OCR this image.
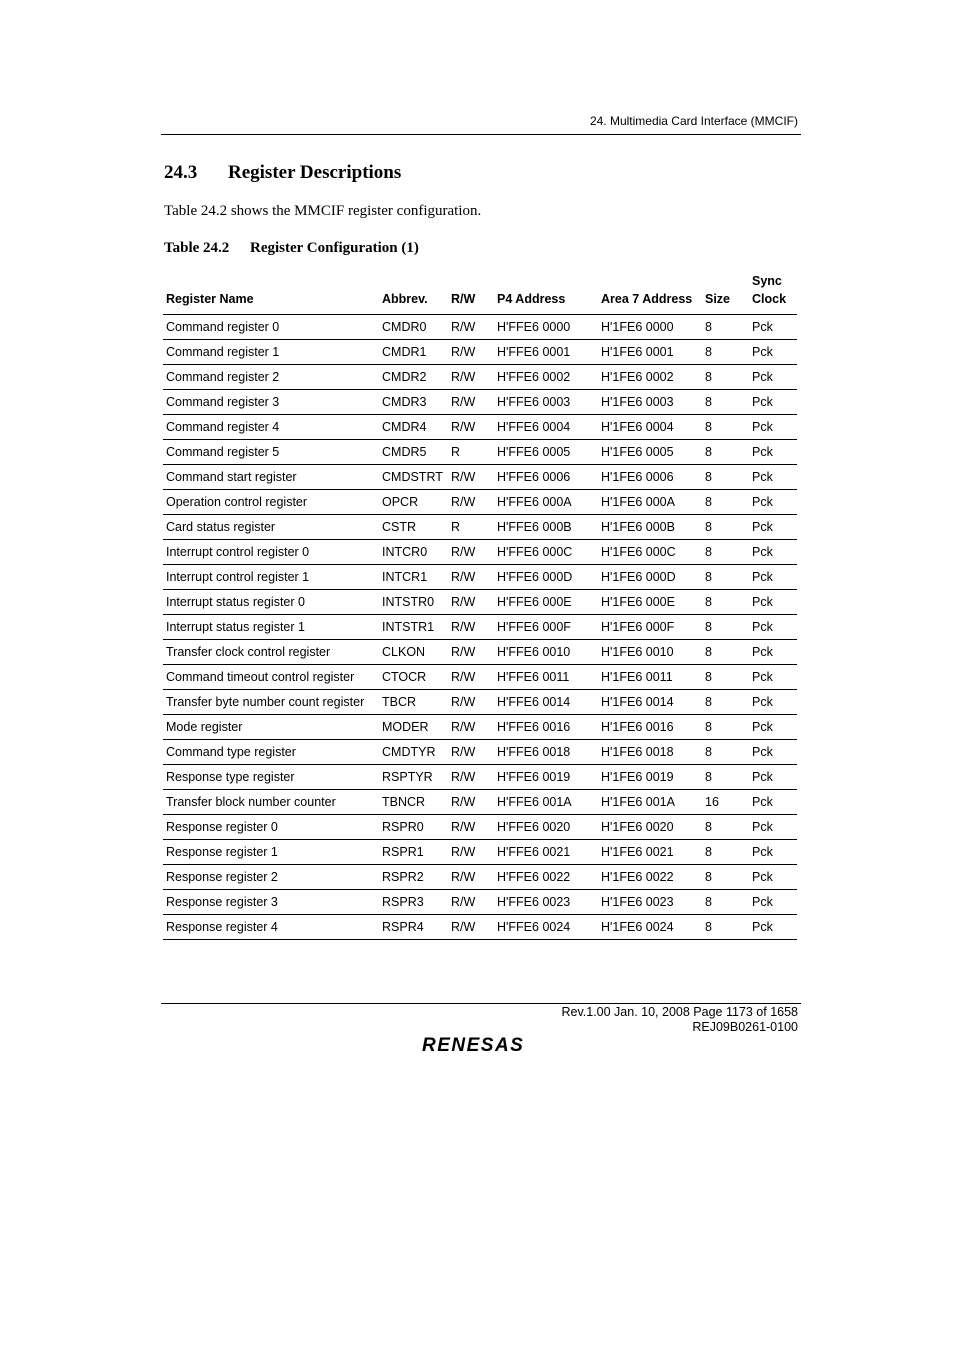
24. Multimedia Card Interface (MMCIF)
24.3 Register Descriptions
Table 24.2 shows the MMCIF register configuration.
Table 24.2 Register Configuration (1)
Register Name	Abbrev.	R/W	P4 Address	Area 7 Address	Size	Sync
Clock
Command register 0	CMDR0	R/W	H'FFE6 0000	H'1FE6 0000	8	Pck
Command register 1	CMDR1	R/W	H'FFE6 0001	H'1FE6 0001	8	Pck
Command register 2	CMDR2	R/W	H'FFE6 0002	H'1FE6 0002	8	Pck
Command register 3	CMDR3	R/W	H'FFE6 0003	H'1FE6 0003	8	Pck
Command register 4	CMDR4	R/W	H'FFE6 0004	H'1FE6 0004	8	Pck
Command register 5	CMDR5	R	H'FFE6 0005	H'1FE6 0005	8	Pck
Command start register	CMDSTRT	R/W	H'FFE6 0006	H'1FE6 0006	8	Pck
Operation control register	OPCR	R/W	H'FFE6 000A	H'1FE6 000A	8	Pck
Card status register	CSTR	R	H'FFE6 000B	H'1FE6 000B	8	Pck
Interrupt control register 0	INTCR0	R/W	H'FFE6 000C	H'1FE6 000C	8	Pck
Interrupt control register 1	INTCR1	R/W	H'FFE6 000D	H'1FE6 000D	8	Pck
Interrupt status register 0	INTSTR0	R/W	H'FFE6 000E	H'1FE6 000E	8	Pck
Interrupt status register 1	INTSTR1	R/W	H'FFE6 000F	H'1FE6 000F	8	Pck
Transfer clock control register	CLKON	R/W	H'FFE6 0010	H'1FE6 0010	8	Pck
Command timeout control register	CTOCR	R/W	H'FFE6 0011	H'1FE6 0011	8	Pck
Transfer byte number count register	TBCR	R/W	H'FFE6 0014	H'1FE6 0014	8	Pck
Mode register	MODER	R/W	H'FFE6 0016	H'1FE6 0016	8	Pck
Command type register	CMDTYR	R/W	H'FFE6 0018	H'1FE6 0018	8	Pck
Response type register	RSPTYR	R/W	H'FFE6 0019	H'1FE6 0019	8	Pck
Transfer block number counter	TBNCR	R/W	H'FFE6 001A	H'1FE6 001A	16	Pck
Response register 0	RSPR0	R/W	H'FFE6 0020	H'1FE6 0020	8	Pck
Response register 1	RSPR1	R/W	H'FFE6 0021	H'1FE6 0021	8	Pck
Response register 2	RSPR2	R/W	H'FFE6 0022	H'1FE6 0022	8	Pck
Response register 3	RSPR3	R/W	H'FFE6 0023	H'1FE6 0023	8	Pck
Response register 4	RSPR4	R/W	H'FFE6 0024	H'1FE6 0024	8	Pck
Rev.1.00 Jan. 10, 2008 Page 1173 of 1658
REJ09B0261-0100
RENESAS
